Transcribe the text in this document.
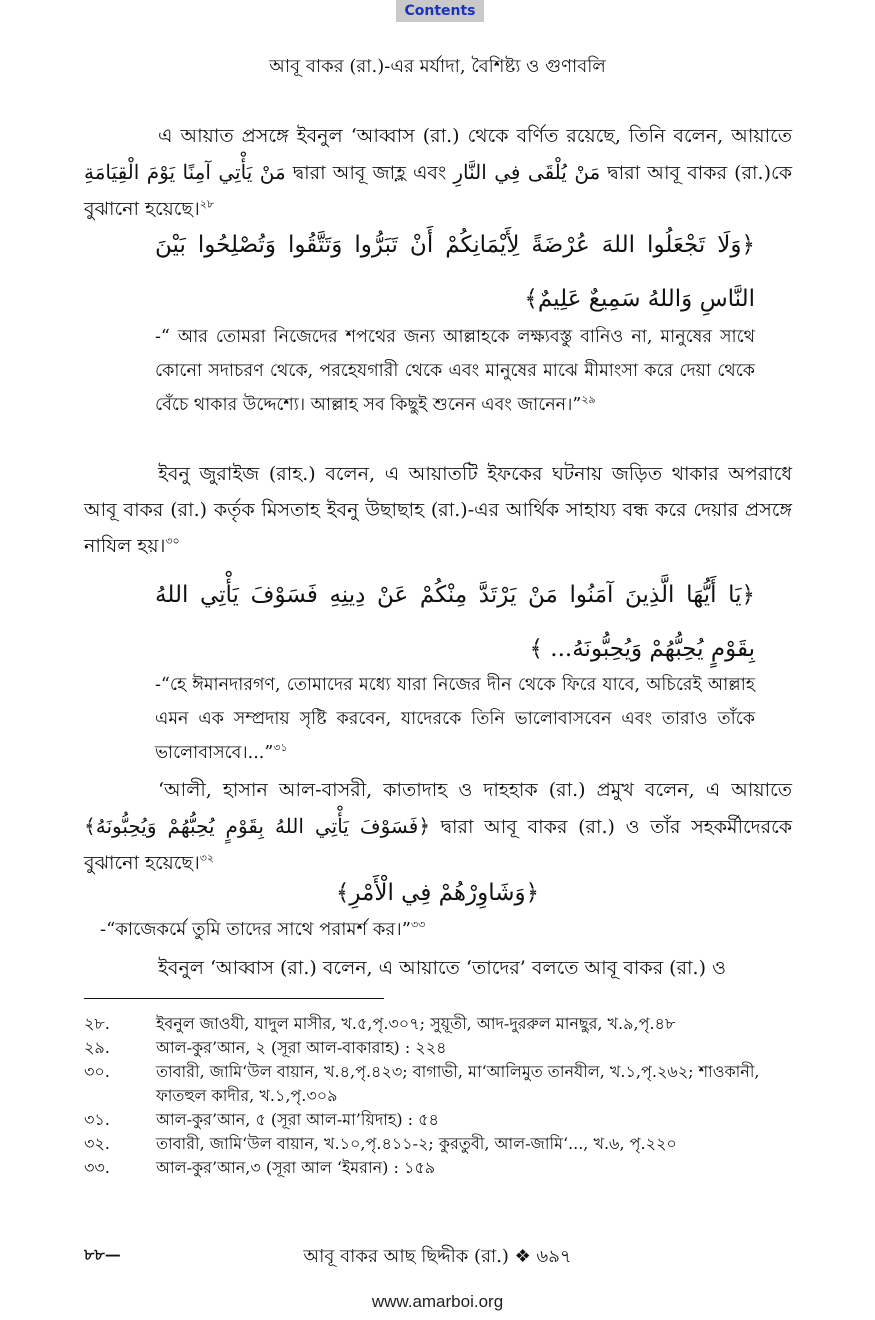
Contents
আবূ বাকর (রা.)-এর মর্যাদা, বৈশিষ্ট্য ও গুণাবলি

এ আয়াত প্রসঙ্গে ইবনুল ‘আব্বাস (রা.) থেকে বর্ণিত রয়েছে, তিনি বলেন, আয়াতে مَنْ يَأْتِي آمِنًا يَوْمَ الْقِيَامَةِ দ্বারা আবূ জাহ্ল এবং مَنْ يُلْقَى فِي النَّارِ দ্বারা আবূ বাকর (রা.)কে বুঝানো হয়েছে।$^{২৮}$

﴿وَلَا تَجْعَلُوا اللهَ عُرْضَةً لِأَيْمَانِكُمْ أَنْ تَبَرُّوا وَتَتَّقُوا وَتُصْلِحُوا بَيْنَ النَّاسِ وَاللهُ سَمِيعٌ عَلِيمٌ﴾

-“ আর তোমরা নিজেদের শপথের জন্য আল্লাহকে লক্ষ্যবস্তু বানিও না, মানুষের সাথে কোনো সদাচরণ থেকে, পরহেযগারী থেকে এবং মানুষের মাঝে মীমাংসা করে দেয়া থেকে বেঁচে থাকার উদ্দেশ্যে। আল্লাহ সব কিছুই শুনেন এবং জানেন।”$^{২৯}$

ইবনু জুরাইজ (রাহ.) বলেন, এ আয়াতটি ইফকের ঘটনায় জড়িত থাকার অপরাধে আবূ বাকর (রা.) কর্তৃক মিসতাহ ইবনু উছাছাহ (রা.)-এর আর্থিক সাহায্য বন্ধ করে দেয়ার প্রসঙ্গে নাযিল হয়।$^{৩০}$

﴿يَا أَيُّهَا الَّذِينَ آمَنُوا مَنْ يَرْتَدَّ مِنْكُمْ عَنْ دِينِهِ فَسَوْفَ يَأْتِي اللهُ بِقَوْمٍ يُحِبُّهُمْ وَيُحِبُّونَهُ... ﴾

-“হে ঈমানদারগণ, তোমাদের মধ্যে যারা নিজের দীন থেকে ফিরে যাবে, অচিরেই আল্লাহ এমন এক সম্প্রদায় সৃষ্টি করবেন, যাদেরকে তিনি ভালোবাসবেন এবং তারাও তাঁকে ভালোবাসবে।...”$^{৩১}$

‘আলী, হাসান আল-বাসরী, কাতাদাহ ও দাহহাক (রা.) প্রমুখ বলেন, এ আয়াতে ﴿فَسَوْفَ يَأْتِي اللهُ بِقَوْمٍ يُحِبُّهُمْ وَيُحِبُّونَهُ﴾ দ্বারা আবূ বাকর (রা.) ও তাঁর সহকর্মীদেরকে বুঝানো হয়েছে।$^{৩২}$

﴿وَشَاوِرْهُمْ فِي الْأَمْرِ﴾

-“কাজেকর্মে তুমি তাদের সাথে পরামর্শ কর।”$^{৩৩}$

ইবনুল ‘আব্বাস (রা.) বলেন, এ আয়াতে ‘তাদের’ বলতে আবূ বাকর (রা.) ও

২৮.	ইবনুল জাওযী, যাদুল মাসীর, খ.৫,পৃ.৩০৭; সুয়ূতী, আদ-দুররুল মানছুর, খ.৯,পৃ.৪৮
২৯.	আল-কুর’আন, ২ (সূরা আল-বাকারাহ) : ২২৪
৩০.	তাবারী, জামি‘উল বায়ান, খ.৪,পৃ.৪২৩; বাগাভী, মা‘আলিমুত তানযীল, খ.১,পৃ.২৬২; শাওকানী, ফাতহুল কাদীর, খ.১,পৃ.৩০৯
৩১.	আল-কুর’আন, ৫ (সূরা আল-মা’য়িদাহ) : ৫৪
৩২.	তাবারী, জামি‘উল বায়ান, খ.১০,পৃ.৪১১-২; কুরতুবী, আল-জামি‘..., খ.৬, পৃ.২২০
৩৩.	আল-কুর’আন,৩ (সূরা আল ‘ইমরান) : ১৫৯
৮৮—	আবূ বাকর আছ ছিদ্দীক (রা.) ❖ ৬৯৭
www.amarboi.org
